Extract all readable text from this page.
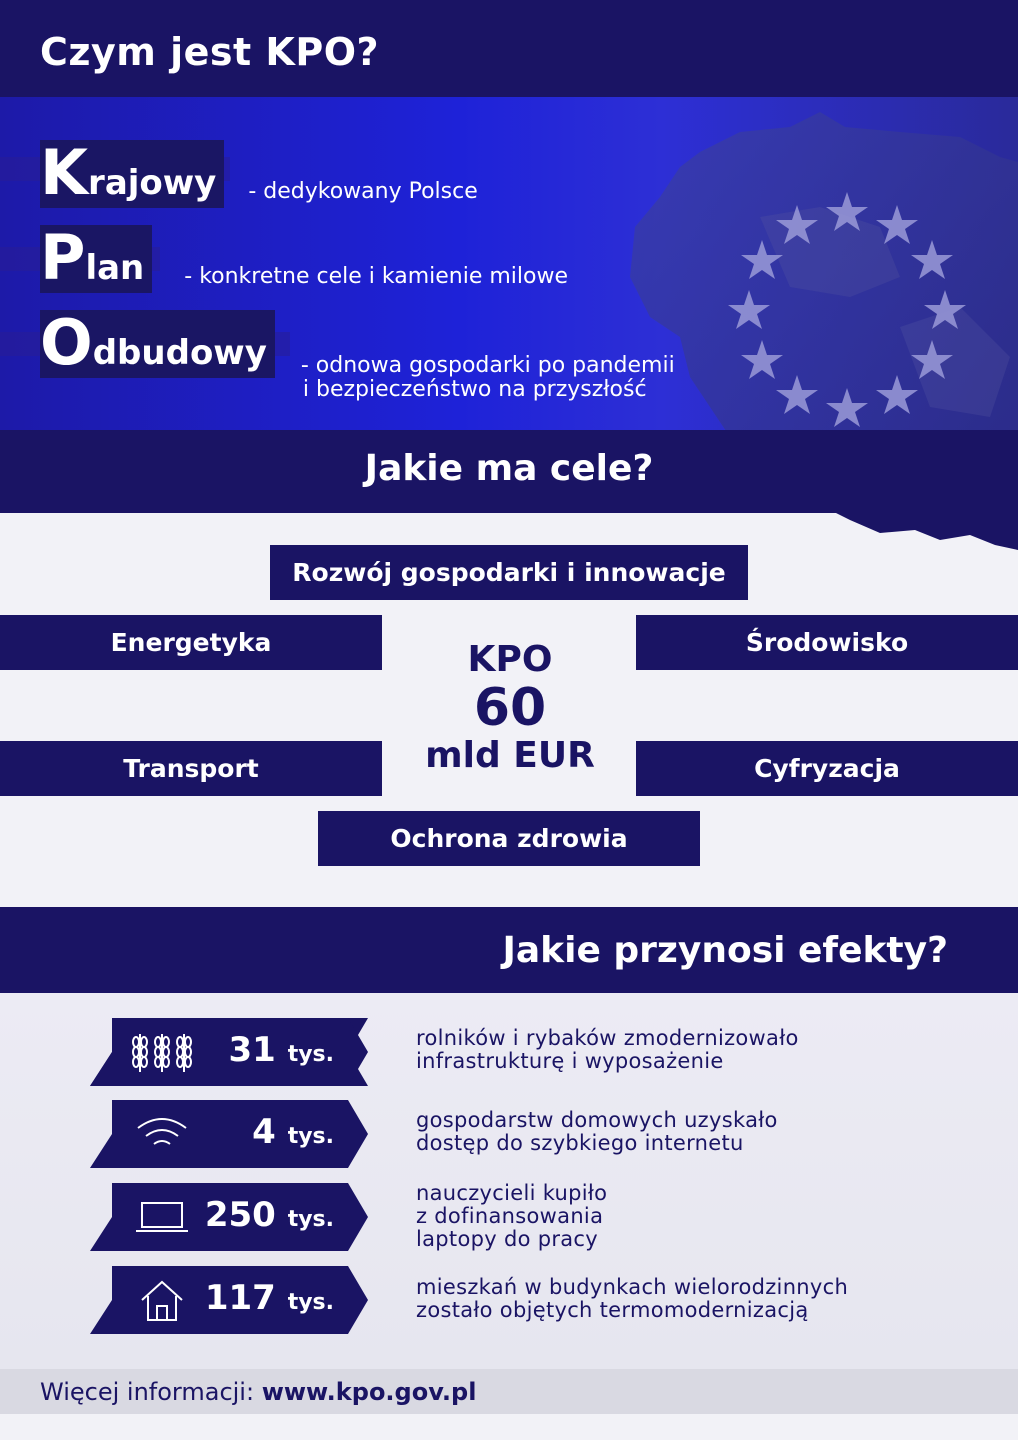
Czym jest KPO?
Krajowy	- dedykowany Polsce
Plan	- konkretne cele i kamienie milowe
Odbudowy	- odnowa gospodarki po pandemii
i bezpieczeństwo na przyszłość
Jakie ma cele?
Rozwój gospodarki i innowacje
Energetyka	Środowisko
Transport	Cyfryzacja
Ochrona zdrowia
KPO
60
mld EUR
Jakie przynosi efekty?
31 tys.
rolników i rybaków zmodernizowało
infrastrukturę i wyposażenie
4 tys.
gospodarstw domowych uzyskało
dostęp do szybkiego internetu
250 tys.
nauczycieli kupiło
z dofinansowania
laptopy do pracy
117 tys.
mieszkań w budynkach wielorodzinnych
zostało objętych termomodernizacją
Więcej informacji: www.kpo.gov.pl
